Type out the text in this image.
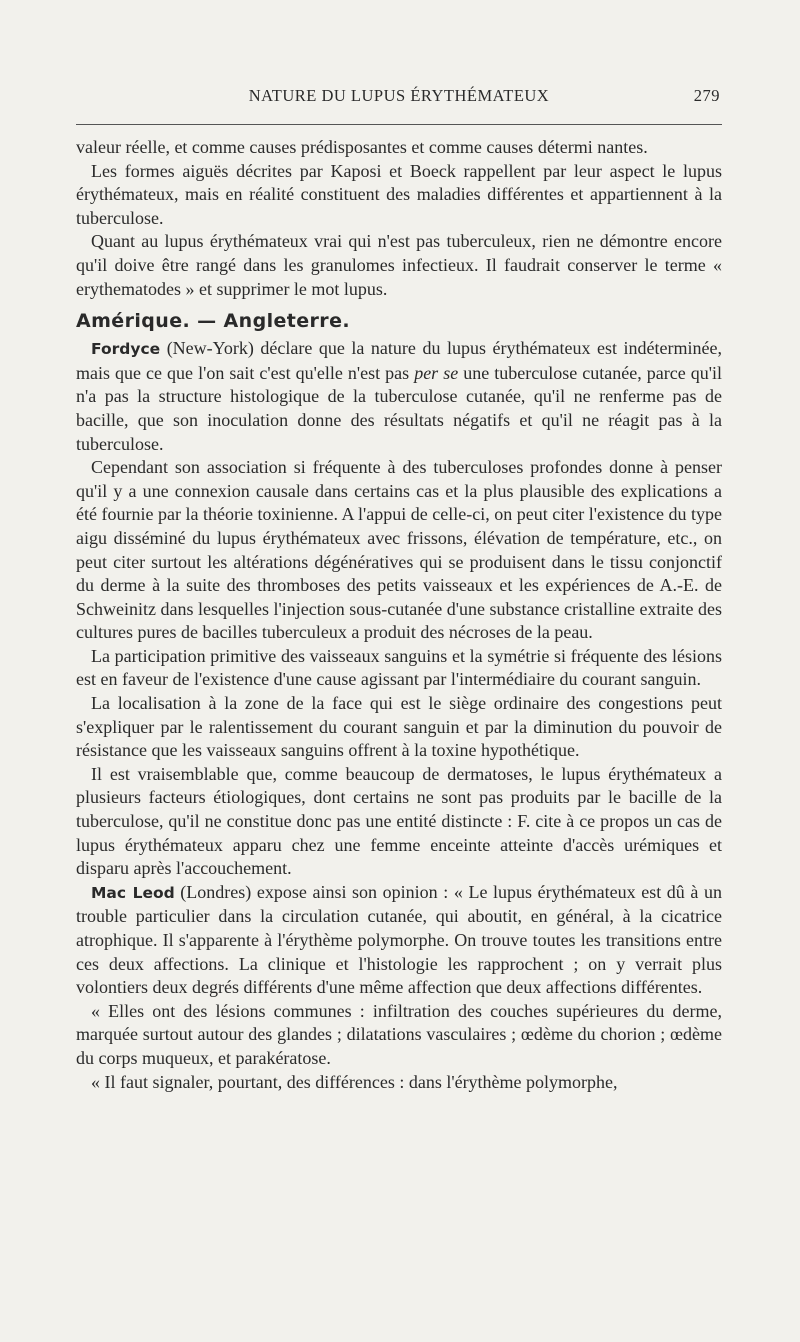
NATURE DU LUPUS ÉRYTHÉMATEUX	279

valeur réelle, et comme causes prédisposantes et comme causes détermi nantes.

Les formes aiguës décrites par Kaposi et Boeck rappellent par leur aspect le lupus érythémateux, mais en réalité constituent des maladies différentes et appartiennent à la tuberculose.

Quant au lupus érythémateux vrai qui n'est pas tuberculeux, rien ne démontre encore qu'il doive être rangé dans les granulomes infectieux. Il faudrait conserver le terme « erythematodes » et supprimer le mot lupus.

Amérique. — Angleterre.

Fordyce (New-York) déclare que la nature du lupus érythémateux est indéterminée, mais que ce que l'on sait c'est qu'elle n'est pas per se une tuberculose cutanée, parce qu'il n'a pas la structure histologique de la tuberculose cutanée, qu'il ne renferme pas de bacille, que son inoculation donne des résultats négatifs et qu'il ne réagit pas à la tuberculose.

Cependant son association si fréquente à des tuberculoses profondes donne à penser qu'il y a une connexion causale dans certains cas et la plus plausible des explications a été fournie par la théorie toxinienne. A l'appui de celle-ci, on peut citer l'existence du type aigu disséminé du lupus érythémateux avec frissons, élévation de température, etc., on peut citer surtout les altérations dégénératives qui se produisent dans le tissu conjonctif du derme à la suite des thromboses des petits vaisseaux et les expériences de A.-E. de Schweinitz dans lesquelles l'injection sous-cutanée d'une substance cristalline extraite des cultures pures de bacilles tuberculeux a produit des nécroses de la peau.

La participation primitive des vaisseaux sanguins et la symétrie si fréquente des lésions est en faveur de l'existence d'une cause agissant par l'intermédiaire du courant sanguin.

La localisation à la zone de la face qui est le siège ordinaire des congestions peut s'expliquer par le ralentissement du courant sanguin et par la diminution du pouvoir de résistance que les vaisseaux sanguins offrent à la toxine hypothétique.

Il est vraisemblable que, comme beaucoup de dermatoses, le lupus érythémateux a plusieurs facteurs étiologiques, dont certains ne sont pas produits par le bacille de la tuberculose, qu'il ne constitue donc pas une entité distincte : F. cite à ce propos un cas de lupus érythémateux apparu chez une femme enceinte atteinte d'accès urémiques et disparu après l'accouchement.

Mac Leod (Londres) expose ainsi son opinion : « Le lupus érythémateux est dû à un trouble particulier dans la circulation cutanée, qui aboutit, en général, à la cicatrice atrophique. Il s'apparente à l'érythème polymorphe. On trouve toutes les transitions entre ces deux affections. La clinique et l'histologie les rapprochent ; on y verrait plus volontiers deux degrés différents d'une même affection que deux affections différentes.

« Elles ont des lésions communes : infiltration des couches supérieures du derme, marquée surtout autour des glandes ; dilatations vasculaires ; œdème du chorion ; œdème du corps muqueux, et parakératose.

« Il faut signaler, pourtant, des différences : dans l'érythème polymorphe,
